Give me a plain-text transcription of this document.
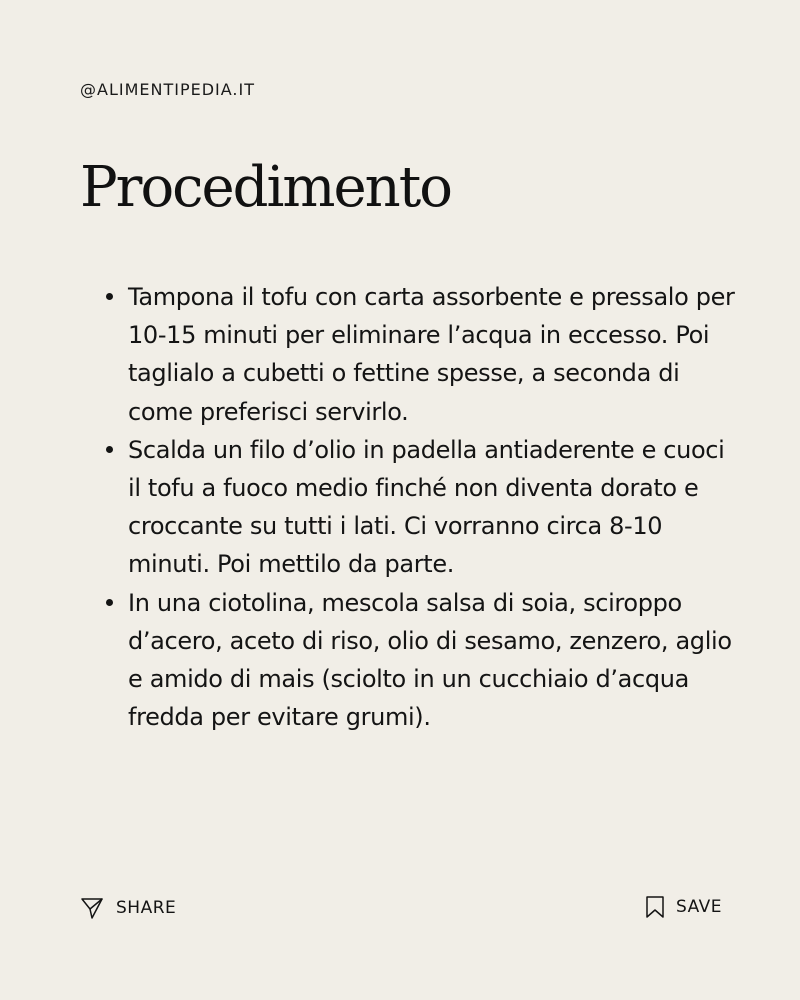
@ALIMENTIPEDIA.IT
Procedimento
Tampona il tofu con carta assorbente e pressalo per 10-15 minuti per eliminare l’acqua in eccesso. Poi taglialo a cubetti o fettine spesse, a seconda di come preferisci servirlo.
Scalda un filo d’olio in padella antiaderente e cuoci il tofu a fuoco medio finché non diventa dorato e croccante su tutti i lati. Ci vorranno circa 8-10 minuti. Poi mettilo da parte.
In una ciotolina, mescola salsa di soia, sciroppo d’acero, aceto di riso, olio di sesamo, zenzero, aglio e amido di mais (sciolto in un cucchiaio d’acqua fredda per evitare grumi).
SHARE	SAVE
